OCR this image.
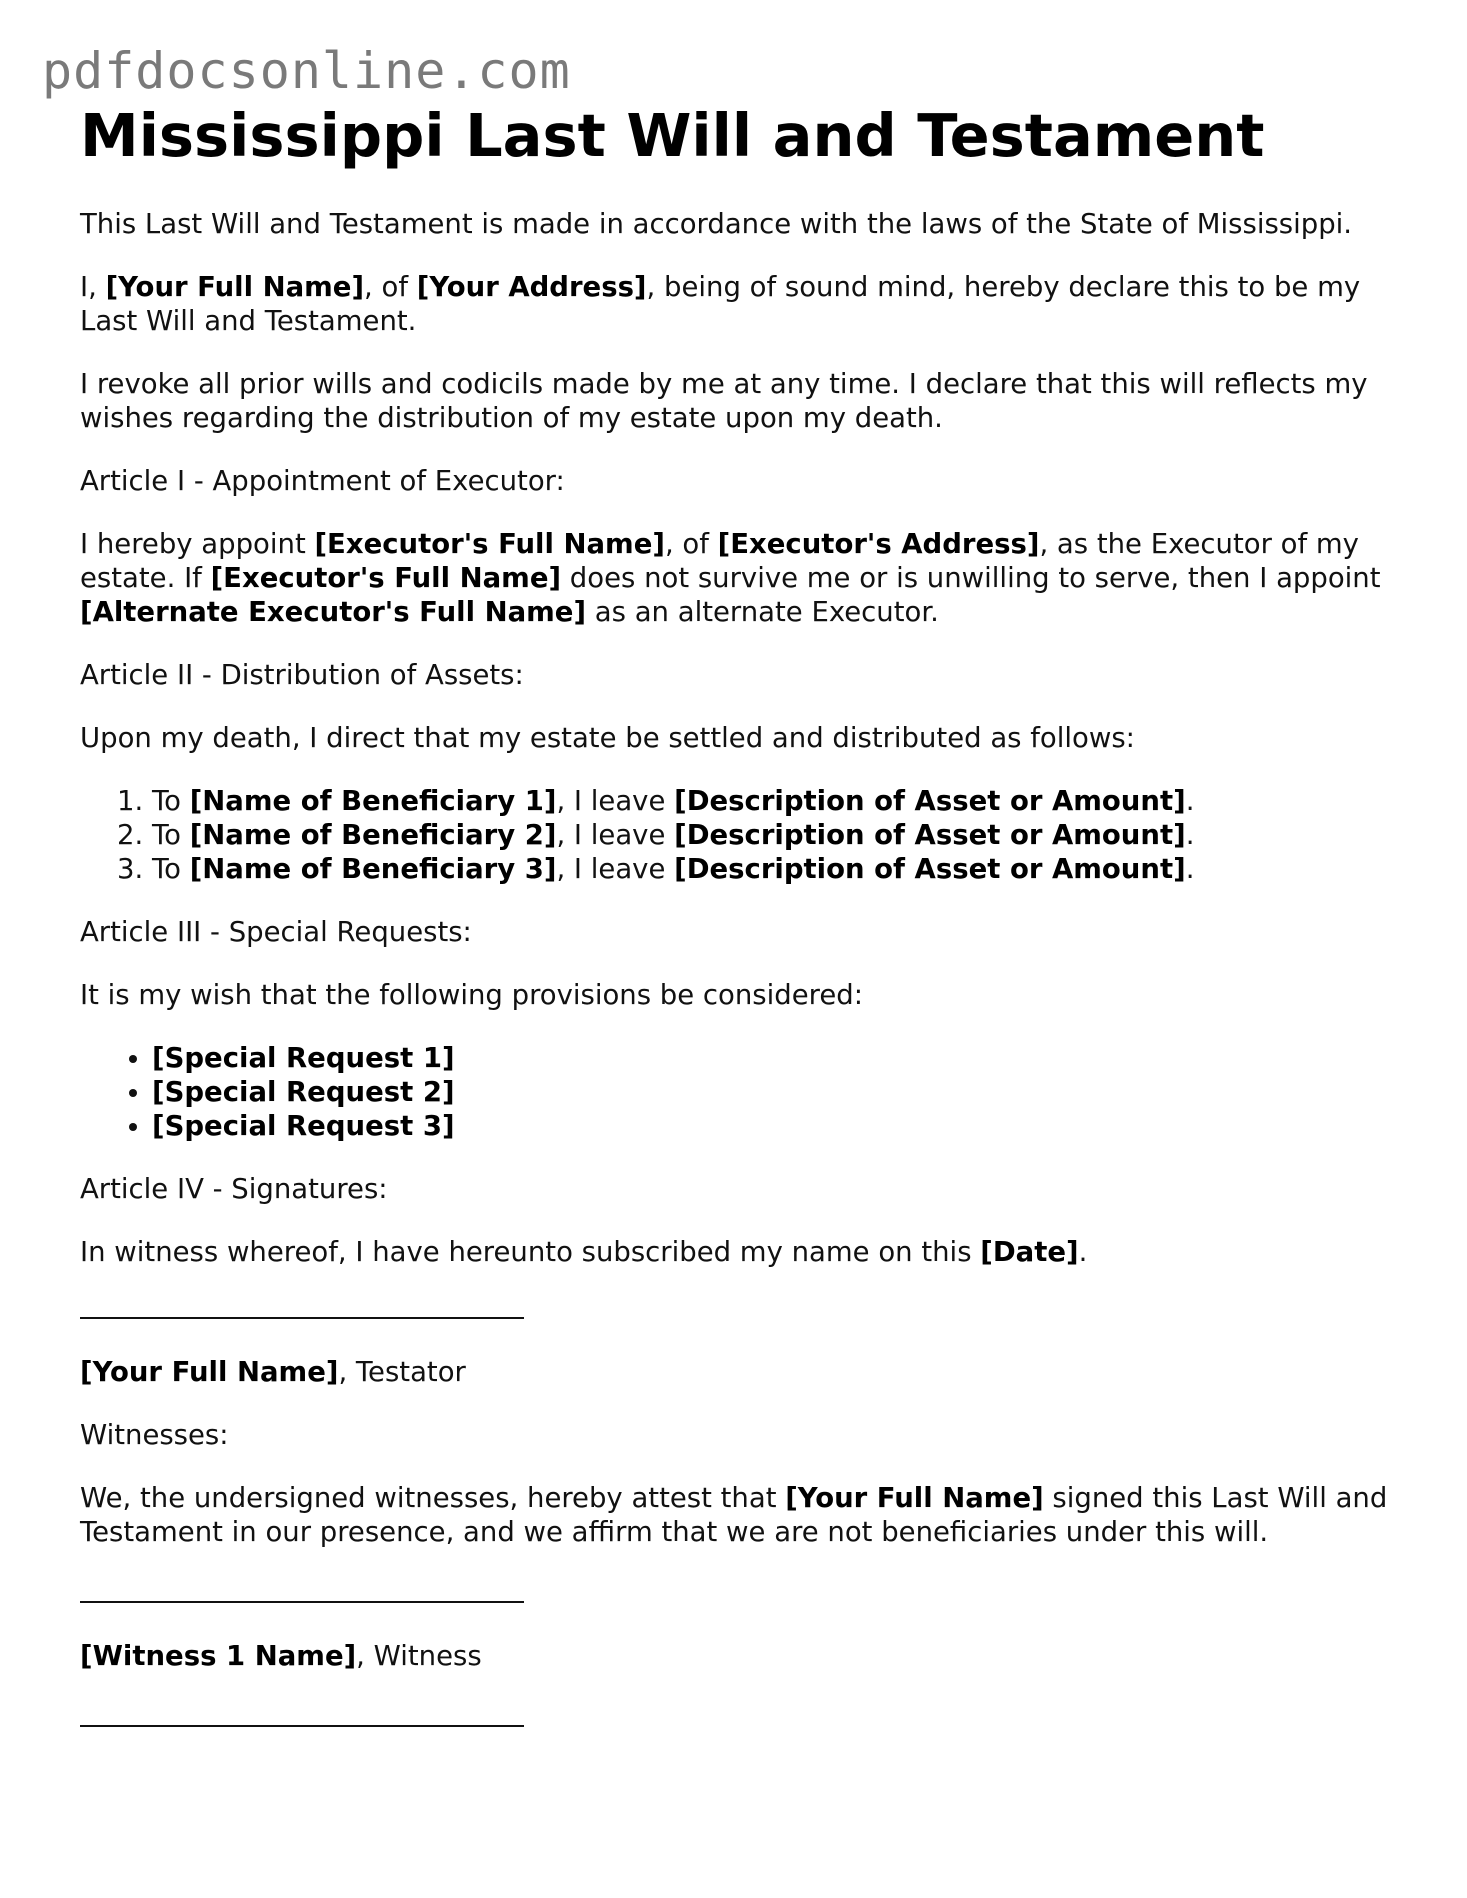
pdfdocsonline.com
Mississippi Last Will and Testament

This Last Will and Testament is made in accordance with the laws of the State of Mississippi.

I, [Your Full Name], of [Your Address], being of sound mind, hereby declare this to be my Last Will and Testament.

I revoke all prior wills and codicils made by me at any time. I declare that this will reflects my wishes regarding the distribution of my estate upon my death.

Article I - Appointment of Executor:

I hereby appoint [Executor's Full Name], of [Executor's Address], as the Executor of my estate. If [Executor's Full Name] does not survive me or is unwilling to serve, then I appoint [Alternate Executor's Full Name] as an alternate Executor.

Article II - Distribution of Assets:

Upon my death, I direct that my estate be settled and distributed as follows:

1. To [Name of Beneficiary 1], I leave [Description of Asset or Amount].
2. To [Name of Beneficiary 2], I leave [Description of Asset or Amount].
3. To [Name of Beneficiary 3], I leave [Description of Asset or Amount].

Article III - Special Requests:

It is my wish that the following provisions be considered:

• [Special Request 1]
• [Special Request 2]
• [Special Request 3]

Article IV - Signatures:

In witness whereof, I have hereunto subscribed my name on this [Date].

[Your Full Name], Testator

Witnesses:

We, the undersigned witnesses, hereby attest that [Your Full Name] signed this Last Will and Testament in our presence, and we affirm that we are not beneficiaries under this will.

[Witness 1 Name], Witness
